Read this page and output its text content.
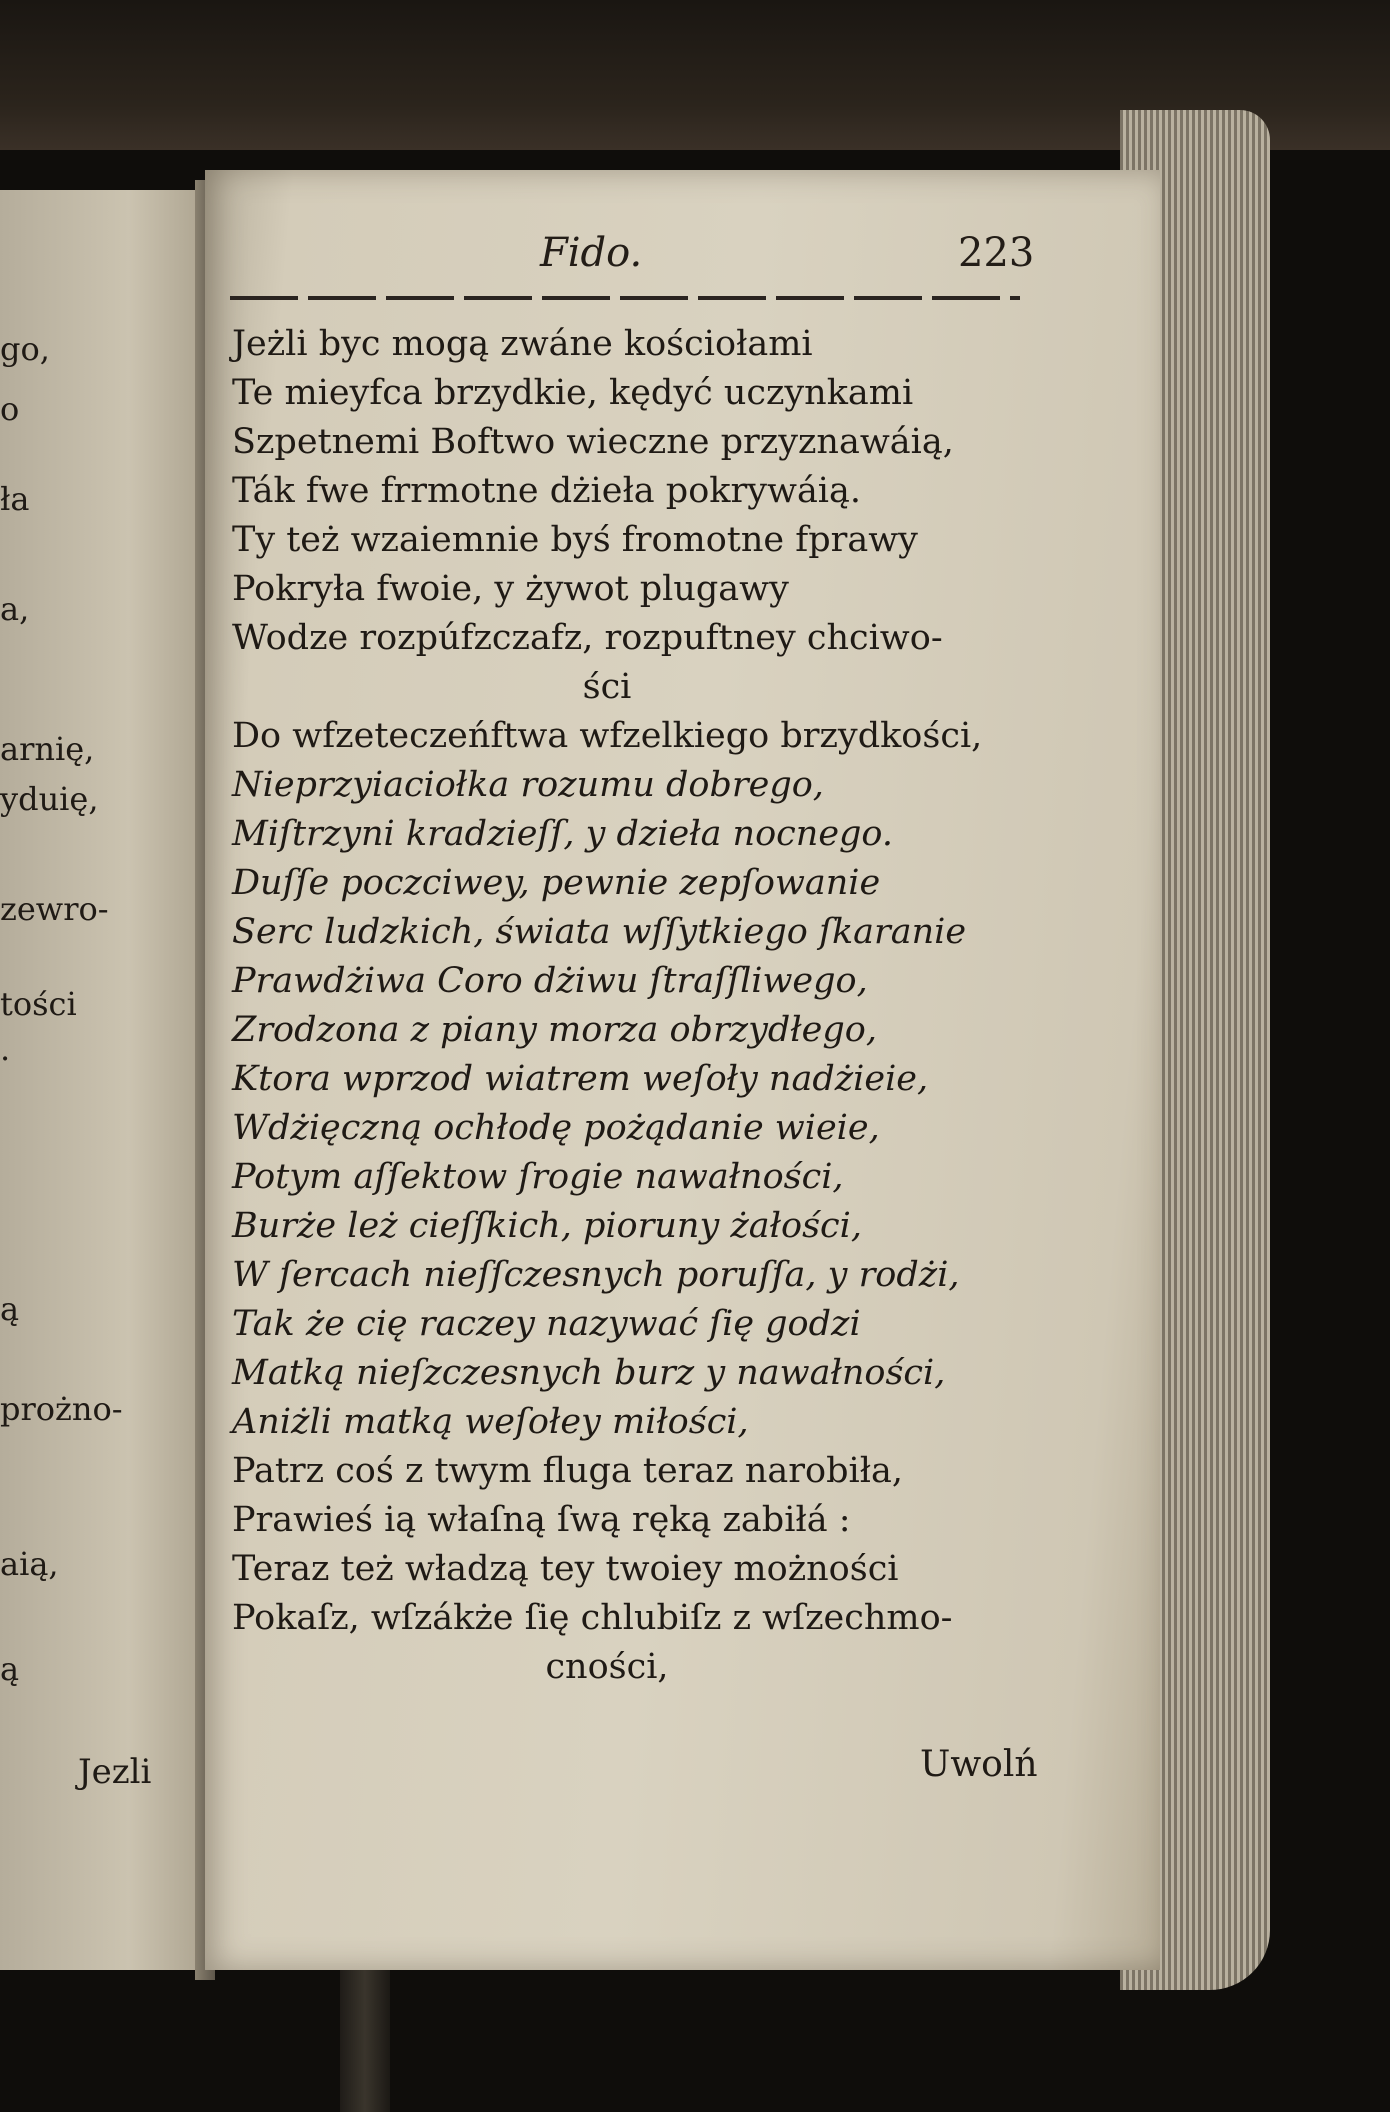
go,
o
ła
a,
arnię,
yduię,
zewro-
tości
.
ą
prożno-
aią,
ą
Jezli
Fido.	223
Jeżli byc mogą zwáne kościołami
Te mieyfca brzydkie, kędyć uczynkami
Szpetnemi Boftwo wieczne przyznawáią,
Ták fwe frrmotne dżieła pokrywáią.
Ty też wzaiemnie byś fromotne fprawy
Pokryła fwoie, y żywot plugawy
Wodze rozpúfzczafz, rozpuftney chciwo-
ści
Do wfzeteczeńftwa wfzelkiego brzydkości,
Nieprzyiaciołka rozumu dobrego,
Miſtrzyni kradzieſſ, y dzieła nocnego.
Duſſe poczciwey, pewnie zepſowanie
Serc ludzkich, świata wſſytkiego ſkaranie
Prawdżiwa Coro dżiwu ſtraſſliwego,
Zrodzona z piany morza obrzydłego,
Ktora wprzod wiatrem weſoły nadżieie,
Wdżięczną ochłodę pożądanie wieie,
Potym aſſektow ſrogie nawałności,
Burże leż cieſſkich, pioruny żałości,
W ſercach nieſſczesnych poruſſa, y rodżi,
Tak że cię raczey nazywać ſię godzi
Matką nieſzczesnych burz y nawałności,
Anіżli matką weſołey miłości,
Patrz coś z twym fluga teraz narobiła,
Prawieś ią właſną ſwą ręką zabiłá :
Teraz też władzą tey twoiey możności
Pokaſz, wſzákże ſię chlubiſz z wſzechmo-
cności,
Uwolń
